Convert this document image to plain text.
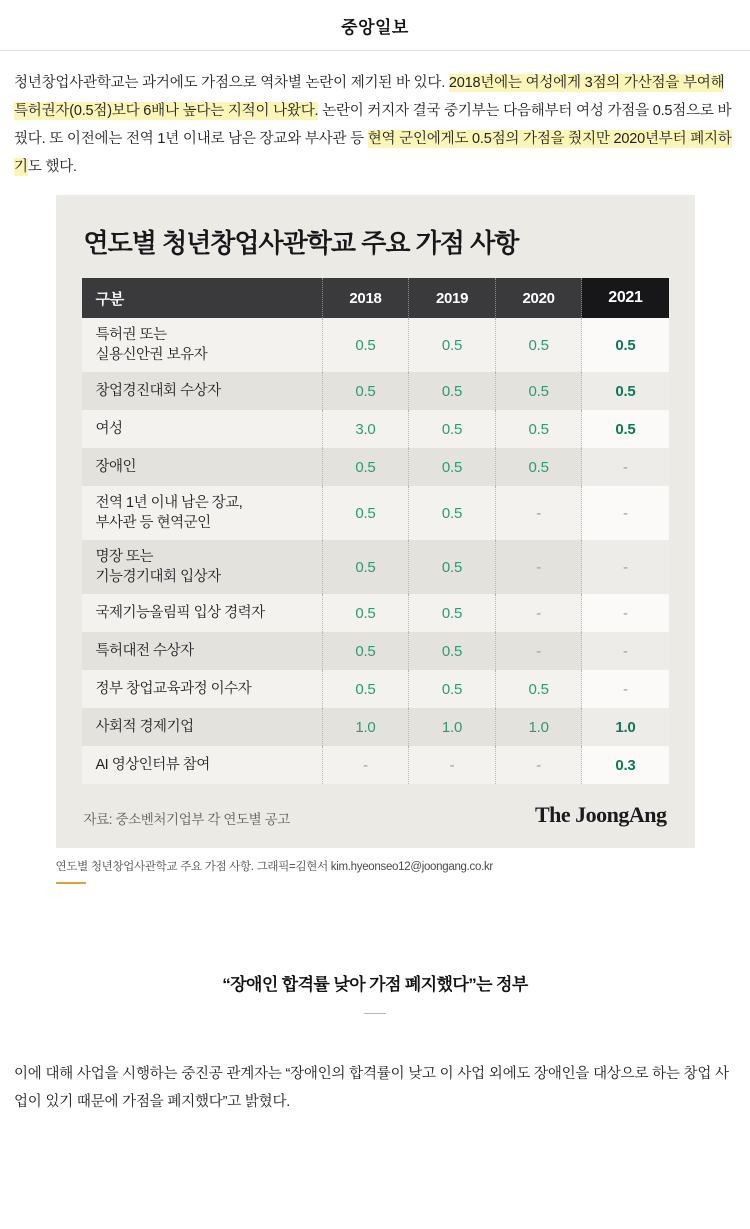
중앙일보

청년창업사관학교는 과거에도 가점으로 역차별 논란이 제기된 바 있다. 2018년에는 여성에게 3점의 가산점을 부여해 특허권자(0.5점)보다 6배나 높다는 지적이 나왔다. 논란이 커지자 결국 중기부는 다음해부터 여성 가점을 0.5점으로 바꿨다. 또 이전에는 전역 1년 이내로 남은 장교와 부사관 등 현역 군인에게도 0.5점의 가점을 줬지만 2020년부터 폐지하기도 했다.

연도별 청년창업사관학교 주요 가점 사항
구분	2018	2019	2020	2021
특허권 또는
실용신안권 보유자	0.5	0.5	0.5	0.5
창업경진대회 수상자	0.5	0.5	0.5	0.5
여성	3.0	0.5	0.5	0.5
장애인	0.5	0.5	0.5	-
전역 1년 이내 남은 장교,
부사관 등 현역군인	0.5	0.5	-	-
명장 또는
기능경기대회 입상자	0.5	0.5	-	-
국제기능올림픽 입상 경력자	0.5	0.5	-	-
특허대전 수상자	0.5	0.5	-	-
정부 창업교육과정 이수자	0.5	0.5	0.5	-
사회적 경제기업	1.0	1.0	1.0	1.0
AI 영상인터뷰 참여	-	-	-	0.3
자료: 중소벤처기업부 각 연도별 공고	The JoongAng
연도별 청년창업사관학교 주요 가점 사항. 그래픽=김현서 kim.hyeonseo12@joongang.co.kr
“장애인 합격률 낮아 가점 폐지했다”는 정부

이에 대해 사업을 시행하는 중진공 관계자는 “장애인의 합격률이 낮고 이 사업 외에도 장애인을 대상으로 하는 창업 사업이 있기 때문에 가점을 폐지했다”고 밝혔다.
